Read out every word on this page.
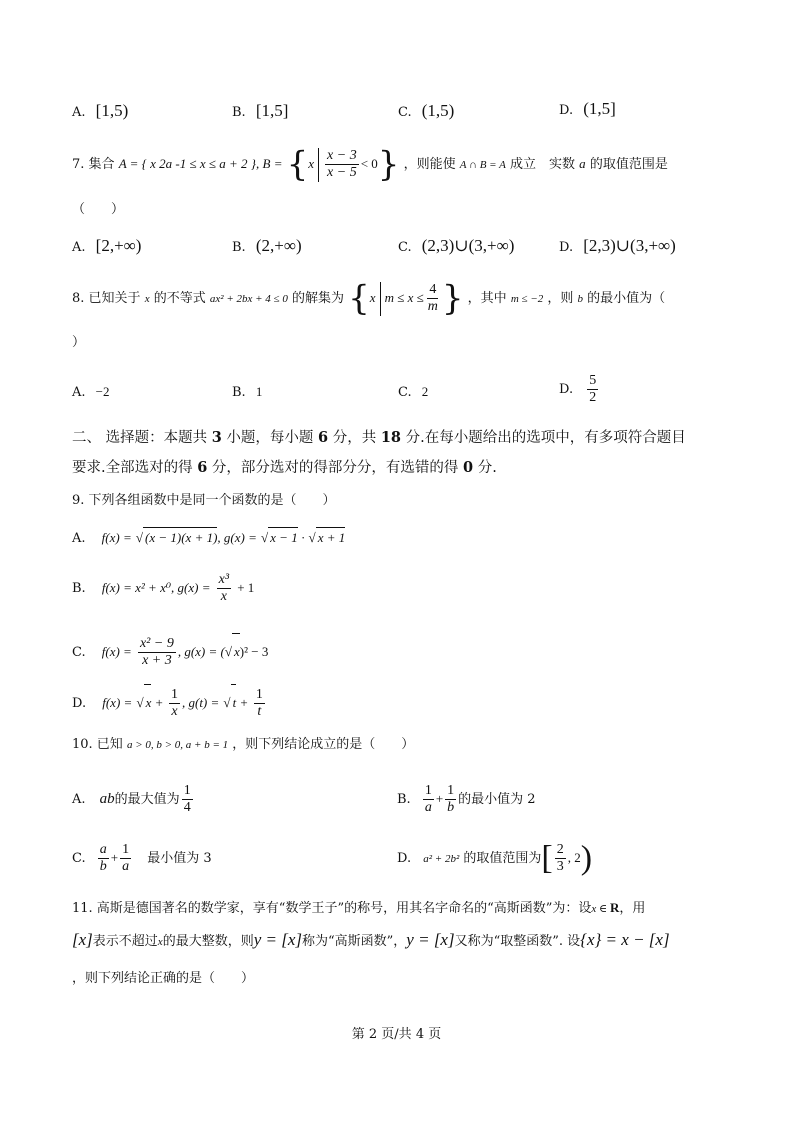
A. [1,5)	B. [1,5]	C. (1,5)	D. (1,5]
7. 集合 A = { x 2a -1 ≤ x ≤ a + 2 }, $B = \{x \frac{x - 3}{x - 5} < 0\}$ ，则能使 A ∩ B = A 成立　实数 a 的取值范围是
（　　）
A. [2,+∞)	B. (2,+∞)	C. (2,3)∪(3,+∞)	D. [2,3)∪(3,+∞)
8. 已知关于 x 的不等式 ax² + 2bx + 4 ≤ 0 的解集为 {x $m \le x \le \frac{4}{m}$ } ，其中 m ≤ −2 ，则 b 的最小值为（
）
A. −2	B. 1	C. 2	D. $\frac{5}{2}$
二、 选择题：本题共 3 小题，每小题 6 分，共 18 分.在每小题给出的选项中，有多项符合题目
要求.全部选对的得 6 分，部分选对的得部分分，有选错的得 0 分.
9. 下列各组函数中是同一个函数的是（　　）
A. f(x) = √ (x − 1)(x + 1), g(x) = √ x − 1 · √ x + 1
B. f(x) = x² + x⁰, $g(x) = \frac{\text{x³}}{x} + 1$
C. $f(x) = \frac{\text{x² − 9}}{x + 3}$ , g(x) = (√ x)² − 3
D. f(x) = √ $x + \frac{1}{x}$ , g(t) = √ $t + \frac{1}{t}$
10. 已知 a > 0, b > 0, a + b = 1 ，则下列结论成立的是（　　）
A. ab的最大值为 $\frac{1}{4}$	B. $\frac{1}{a} + \frac{1}{b}$ 的最小值为 2
C. $\frac{a}{b} + \frac{1}{a}$ 最小值为 3	D. a² + 2b² 的取值范围为[ $\frac{2}{3}$ , 2)
11. 高斯是德国著名的数学家，享有“数学王子”的称号，用其名字命名的“高斯函数”为：设x ∈ R，用
[x]表示不超过x的最大整数，则y = [x]称为“高斯函数”，y = [x]又称为“取整函数”. 设{x} = x − [x]
，则下列结论正确的是（　　）
第 2 页/共 4 页
